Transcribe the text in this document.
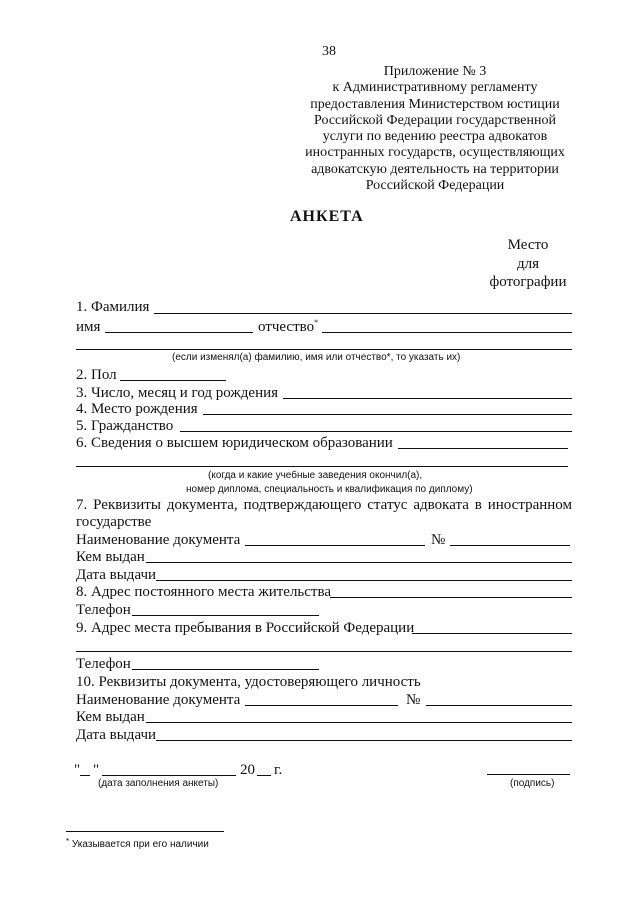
38
Приложение № 3
к Административному регламенту
предоставления Министерством юстиции
Российской Федерации государственной
услуги по ведению реестра адвокатов
иностранных государств, осуществляющих
адвокатскую деятельность на территории
Российской Федерации
АНКЕТА
Место
для
фотографии
1. Фамилия
имя	отчество*
(если изменял(а) фамилию, имя или отчество*, то указать их)
2. Пол
3. Число, месяц и год рождения
4. Место рождения
5. Гражданство
6. Сведения о высшем юридическом образовании
(когда и какие учебные заведения окончил(а),
номер диплома, специальность и квалификация по диплому)
7. Реквизиты документа, подтверждающего статус адвоката в иностранном
государстве
Наименование документа	№
Кем выдан
Дата выдачи
8. Адрес постоянного места жительства
Телефон
9. Адрес места пребывания в Российской Федерации
Телефон
10. Реквизиты документа, удостоверяющего личность
Наименование документа	№
Кем выдан
Дата выдачи
" "	20 г.
(дата заполнения анкеты)	(подпись)
* Указывается при его наличии
